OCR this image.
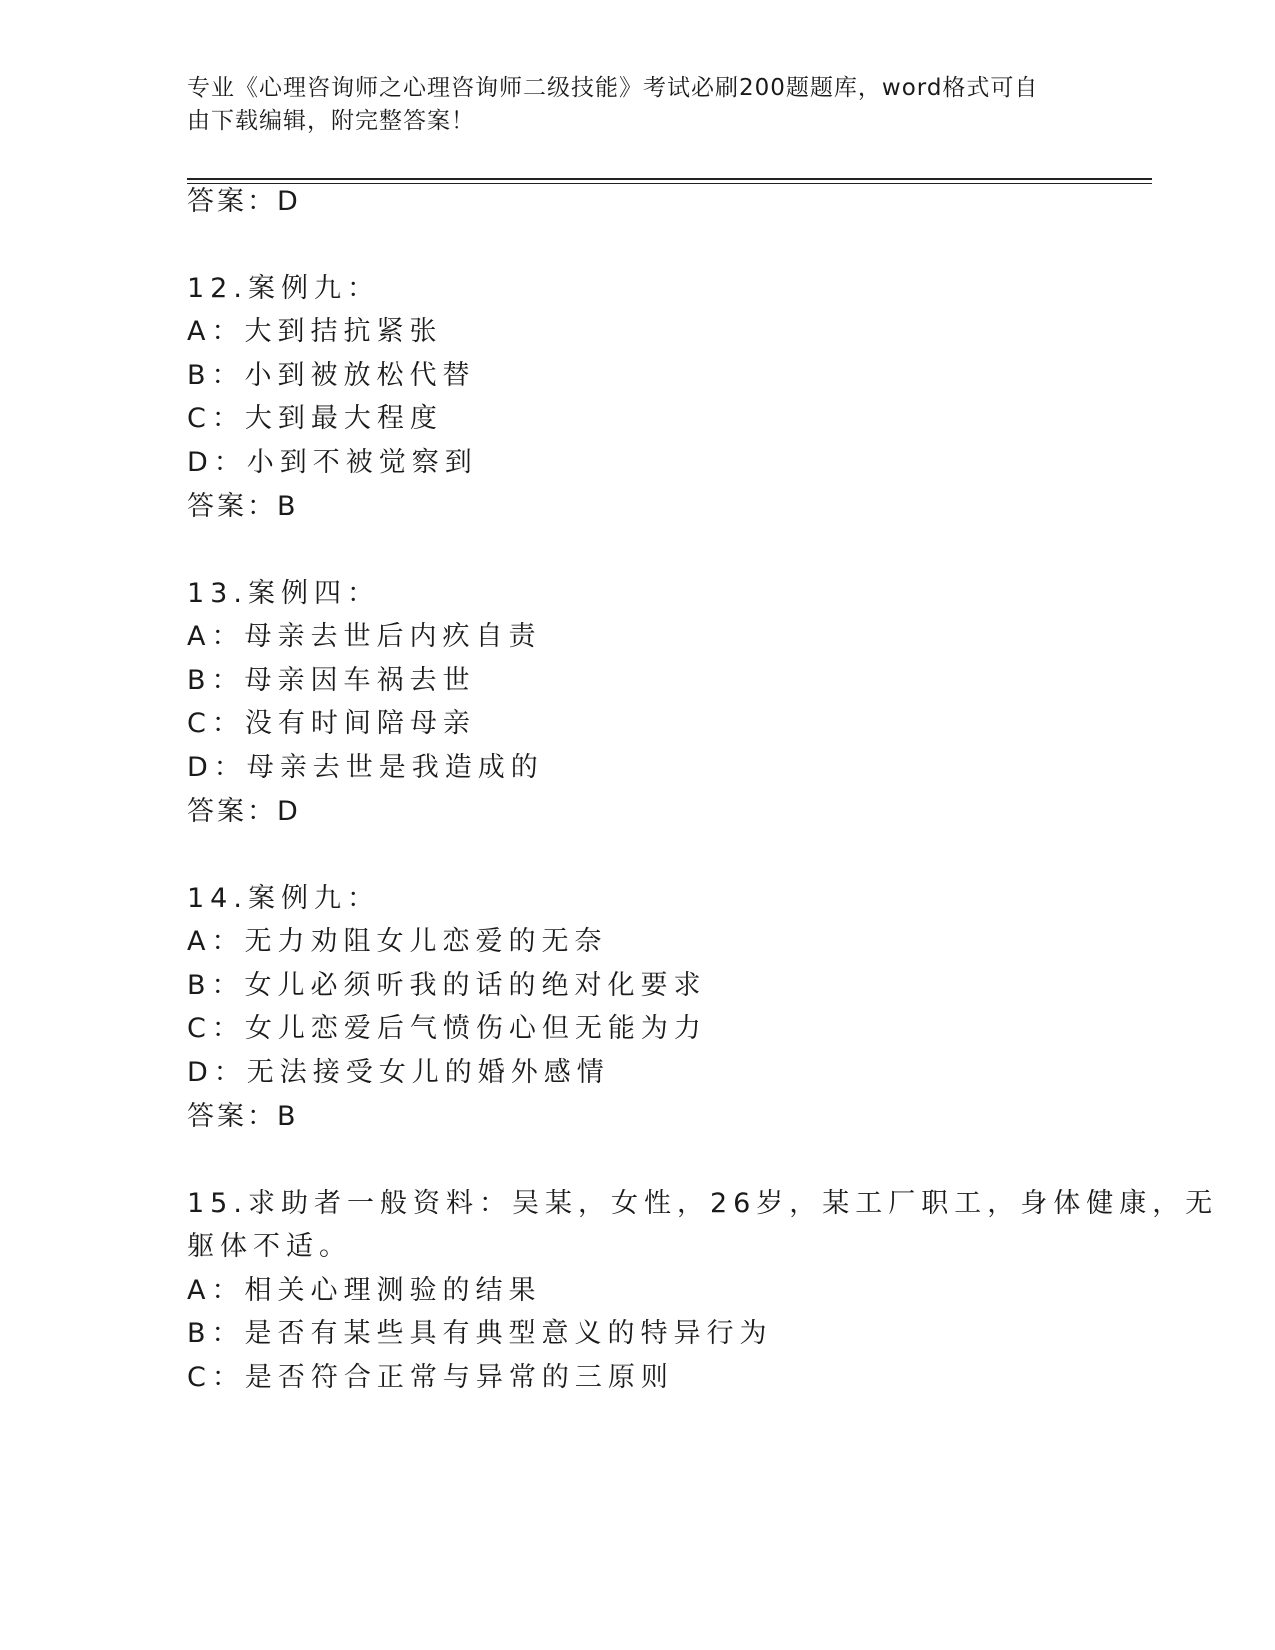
专业《心理咨询师之心理咨询师二级技能》考试必刷200题题库，word格式可自
由下载编辑，附完整答案！
答案：D
12.案例九：
A：大到拮抗紧张
B：小到被放松代替
C：大到最大程度
D：小到不被觉察到
答案：B
13.案例四：
A：母亲去世后内疚自责
B：母亲因车祸去世
C：没有时间陪母亲
D：母亲去世是我造成的
答案：D
14.案例九：
A：无力劝阻女儿恋爱的无奈
B：女儿必须听我的话的绝对化要求
C：女儿恋爱后气愤伤心但无能为力
D：无法接受女儿的婚外感情
答案：B
15.求助者一般资料：吴某，女性，26岁，某工厂职工，身体健康，无
躯体不适。
A：相关心理测验的结果
B：是否有某些具有典型意义的特异行为
C：是否符合正常与异常的三原则
